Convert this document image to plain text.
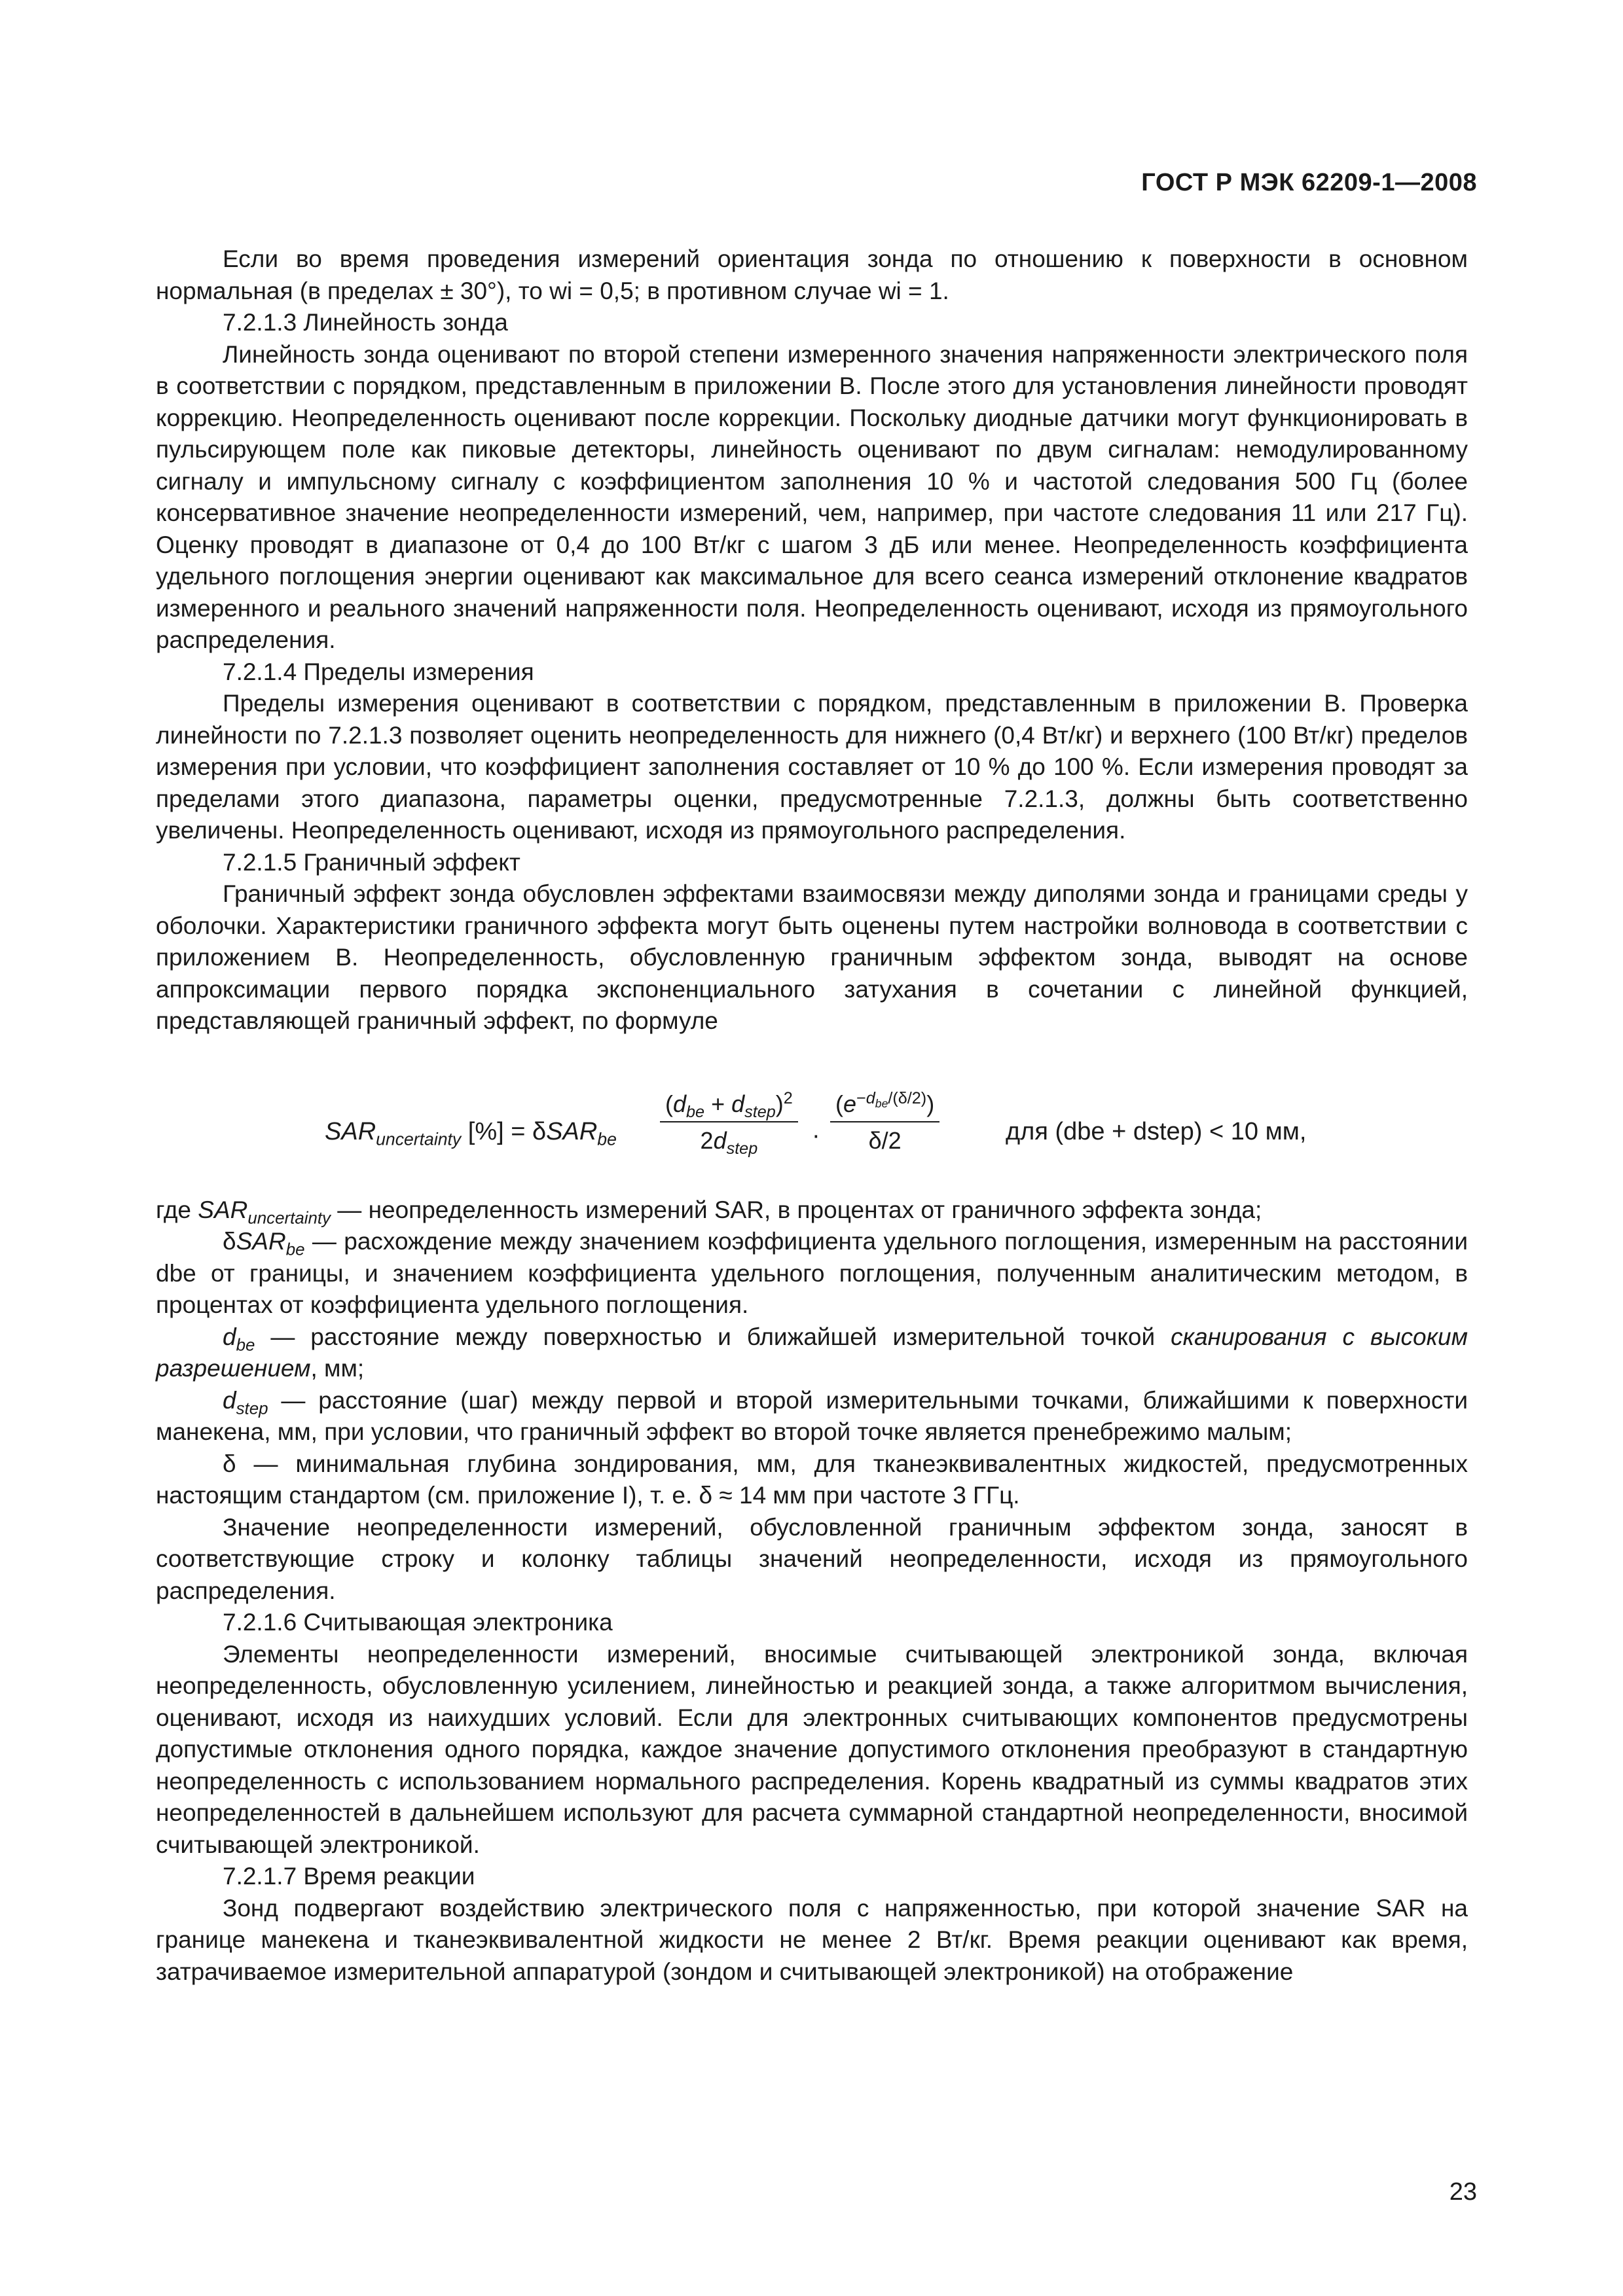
ГОСТ Р МЭК 62209-1—2008

Если во время проведения измерений ориентация зонда по отношению к поверхности в основном нормальная (в пределах ± 30°), то wi = 0,5; в противном случае wi = 1.

7.2.1.3 Линейность зонда

Линейность зонда оценивают по второй степени измеренного значения напряженности электрического поля в соответствии с порядком, представленным в приложении В. После этого для установления линейности проводят коррекцию. Неопределенность оценивают после коррекции. Поскольку диодные датчики могут функционировать в пульсирующем поле как пиковые детекторы, линейность оценивают по двум сигналам: немодулированному сигналу и импульсному сигналу с коэффициентом заполнения 10 % и частотой следования 500 Гц (более консервативное значение неопределенности измерений, чем, например, при частоте следования 11 или 217 Гц). Оценку проводят в диапазоне от 0,4 до 100 Вт/кг с шагом 3 дБ или менее. Неопределенность коэффициента удельного поглощения энергии оценивают как максимальное для всего сеанса измерений отклонение квадратов измеренного и реального значений напряженности поля. Неопределенность оценивают, исходя из прямоугольного распределения.

7.2.1.4 Пределы измерения

Пределы измерения оценивают в соответствии с порядком, представленным в приложении В. Проверка линейности по 7.2.1.3 позволяет оценить неопределенность для нижнего (0,4 Вт/кг) и верхнего (100 Вт/кг) пределов измерения при условии, что коэффициент заполнения составляет от 10 % до 100 %. Если измерения проводят за пределами этого диапазона, параметры оценки, предусмотренные 7.2.1.3, должны быть соответственно увеличены. Неопределенность оценивают, исходя из прямоугольного распределения.

7.2.1.5 Граничный эффект

Граничный эффект зонда обусловлен эффектами взаимосвязи между диполями зонда и границами среды у оболочки. Характеристики граничного эффекта могут быть оценены путем настройки волновода в соответствии с приложением В. Неопределенность, обусловленную граничным эффектом зонда, выводят на основе аппроксимации первого порядка экспоненциального затухания в сочетании с линейной функцией, представляющей граничный эффект, по формуле

$SAR_{uncertainty}$ [%] = δSAR$_{be}$
$(d_{be} + d_{step})^2$
$2d_{step}$	·
$(e^{-d_{be}/(\delta/2)})$
δ/2	для (dbe + dstep) < 10 мм,

где $SAR_{uncertainty}$ — неопределенность измерений SAR, в процентах от граничного эффекта зонда;

δSAR$_{be}$ — расхождение между значением коэффициента удельного поглощения, измеренным на расстоянии dbe от границы, и значением коэффициента удельного поглощения, полученным аналитическим методом, в процентах от коэффициента удельного поглощения.

$d_{be}$ — расстояние между поверхностью и ближайшей измерительной точкой сканирования с высоким разрешением, мм;

$d_{step}$ — расстояние (шаг) между первой и второй измерительными точками, ближайшими к поверхности манекена, мм, при условии, что граничный эффект во второй точке является пренебрежимо малым;

δ — минимальная глубина зондирования, мм, для тканеэквивалентных жидкостей, предусмотренных настоящим стандартом (см. приложение I), т. е. δ ≈ 14 мм при частоте 3 ГГц.

Значение неопределенности измерений, обусловленной граничным эффектом зонда, заносят в соответствующие строку и колонку таблицы значений неопределенности, исходя из прямоугольного распределения.

7.2.1.6 Считывающая электроника

Элементы неопределенности измерений, вносимые считывающей электроникой зонда, включая неопределенность, обусловленную усилением, линейностью и реакцией зонда, а также алгоритмом вычисления, оценивают, исходя из наихудших условий. Если для электронных считывающих компонентов предусмотрены допустимые отклонения одного порядка, каждое значение допустимого отклонения преобразуют в стандартную неопределенность с использованием нормального распределения. Корень квадратный из суммы квадратов этих неопределенностей в дальнейшем используют для расчета суммарной стандартной неопределенности, вносимой считывающей электроникой.

7.2.1.7 Время реакции

Зонд подвергают воздействию электрического поля с напряженностью, при которой значение SAR на границе манекена и тканеэквивалентной жидкости не менее 2 Вт/кг. Время реакции оценивают как время, затрачиваемое измерительной аппаратурой (зондом и считывающей электроникой) на отображение

23
